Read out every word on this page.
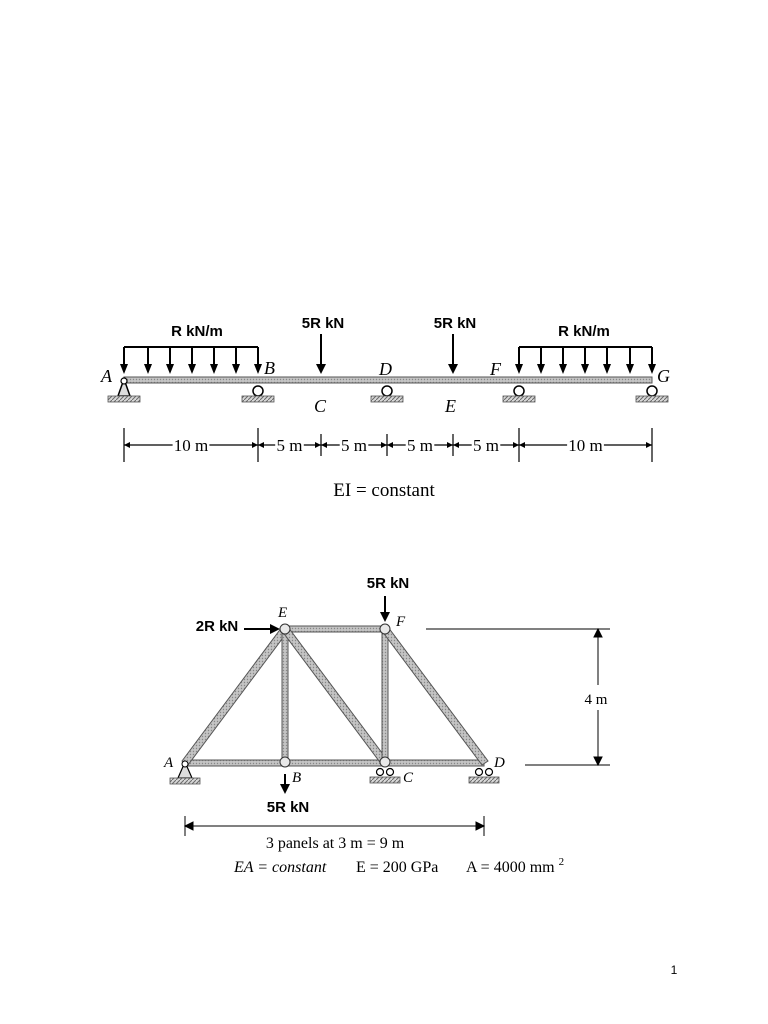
R kN/m	5R kN	5R kN	R kN/m
A	B
C
D
E
F	G
10 m	5 m 5 m 5 m 5 m	10 m
EI = constant
5R kN
2R kN
5R kN
E
F
A
B	C
D
4 m
3 panels at 3 m = 9 m
EA = constant E = 200 GPa A = 4000 mm $^2$
1
